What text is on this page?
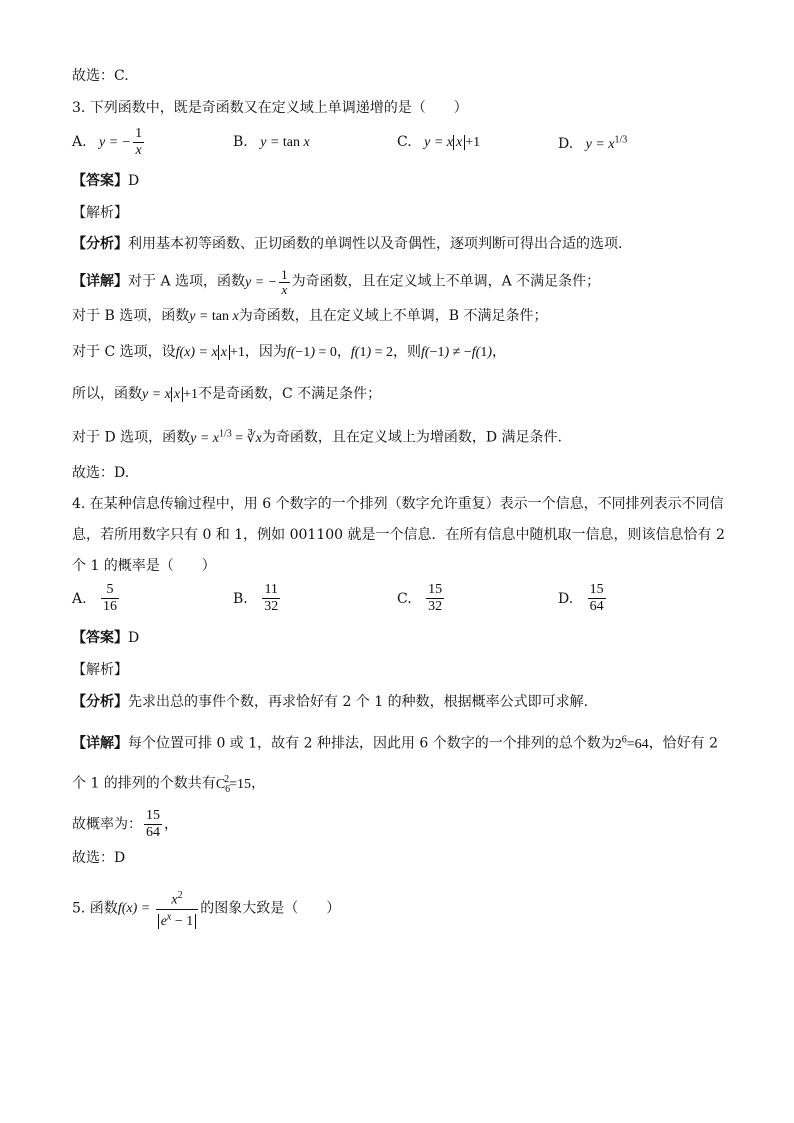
故选：C.
3. 下列函数中，既是奇函数又在定义域上单调递增的是（　　）
A. y = − $\frac{1}{x}$	B. y = tan x	C. y = x x +1	D. $y = x^{1/3}$
【答案】D
【解析】
【分析】利用基本初等函数、正切函数的单调性以及奇偶性，逐项判断可得出合适的选项.
【详解】对于 A 选项，函数y = − $\frac{1}{x}$ 为奇函数，且在定义域上不单调，A 不满足条件；
对于 B 选项，函数y = tan x为奇函数，且在定义域上不单调，B 不满足条件；
对于 C 选项，设f(x) = x x +1，因为f(−1) = 0，f(1) = 2，则f(−1) ≠ −f(1)，
所以，函数y = x x +1不是奇函数，C 不满足条件；
对于 D 选项，函数$y = x^{1/3}$ = ∛x为奇函数，且在定义域上为增函数，D 满足条件.
故选：D.
4. 在某种信息传输过程中，用 6 个数字的一个排列（数字允许重复）表示一个信息，不同排列表示不同信
息，若所用数字只有 0 和 1，例如 001100 就是一个信息．在所有信息中随机取一信息，则该信息恰有 2
个 1 的概率是（　　）
A. $\frac{5}{16}$	B. $\frac{11}{32}$	C. $\frac{15}{32}$	D. $\frac{15}{64}$
【答案】D
【解析】
【分析】先求出总的事件个数，再求恰好有 2 个 1 的种数，根据概率公式即可求解.
【详解】每个位置可排 0 或 1，故有 2 种排法，因此用 6 个数字的一个排列的总个数为$2^6=64$，恰好有 2
个 1 的排列的个数共有$C_6^2=15$，
故概率为： $\frac{15}{64}$ ，
故选：D
5. 函数$f(x) = \frac{x^2}{e^x - 1}$ 的图象大致是（　　）
